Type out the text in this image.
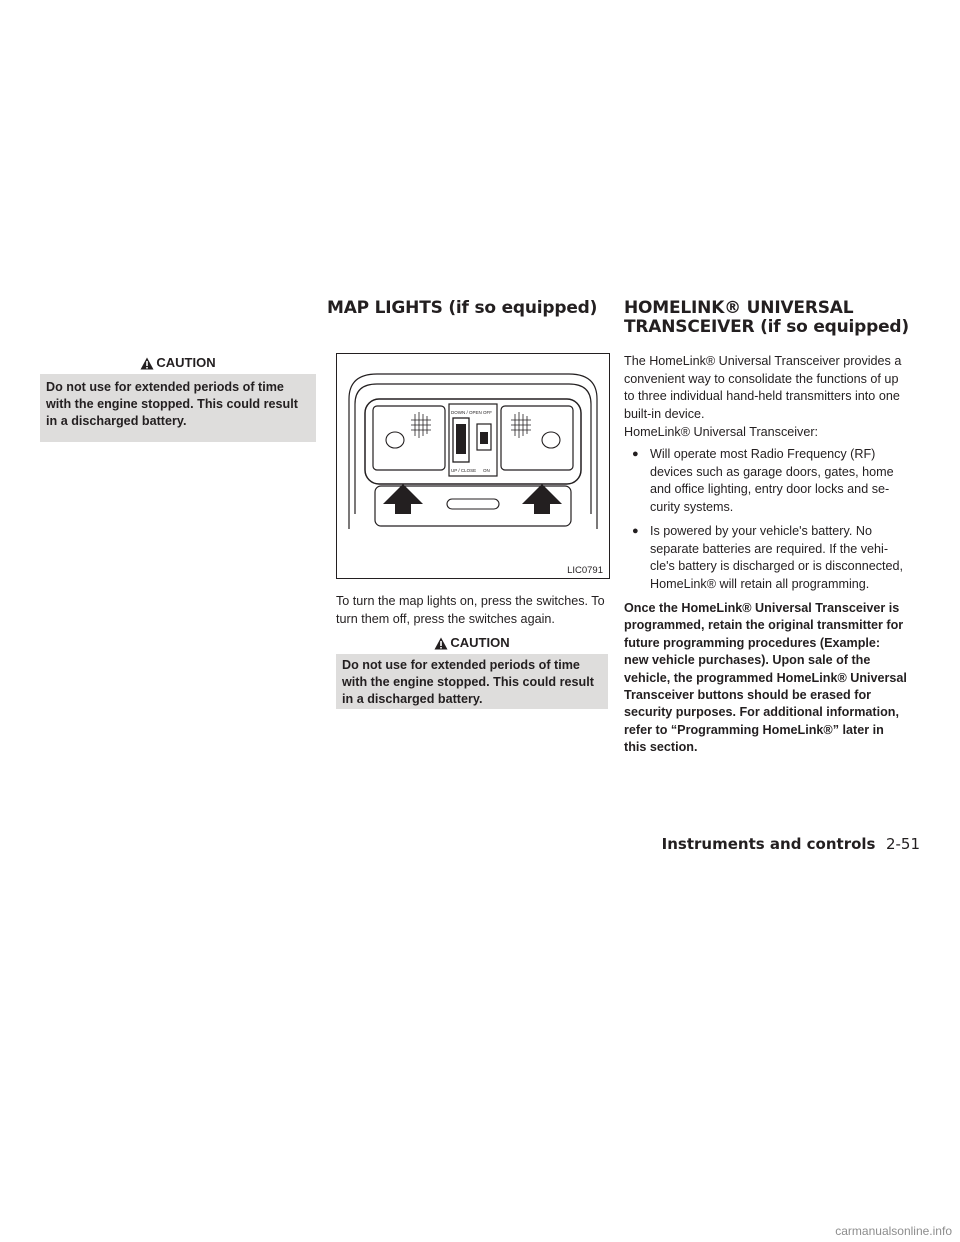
CAUTION
Do not use for extended periods of time with the engine stopped. This could result in a discharged battery.
MAP LIGHTS (if so equipped)
DOWN / OPEN OFF
UP / CLOSE ON
LIC0791
To turn the map lights on, press the switches. To turn them off, press the switches again.
CAUTION
Do not use for extended periods of time with the engine stopped. This could result in a discharged battery.
HOMELINK® UNIVERSAL
TRANSCEIVER (if so equipped)
The HomeLink® Universal Transceiver provides a convenient way to consolidate the functions of up to three individual hand-held transmitters into one built-in device.
HomeLink® Universal Transceiver:
● Will operate most Radio Frequency (RF) devices such as garage doors, gates, home and office lighting, entry door locks and security systems.
● Is powered by your vehicle's battery. No separate batteries are required. If the vehicle's battery is discharged or is disconnected, HomeLink® will retain all programming.
Once the HomeLink® Universal Transceiver is programmed, retain the original transmitter for future programming procedures (Example: new vehicle purchases). Upon sale of the vehicle, the programmed HomeLink® Universal Transceiver buttons should be erased for security purposes. For additional information, refer to “Programming HomeLink®” later in this section.
Instruments and controls 2-51
carmanualsonline.info
